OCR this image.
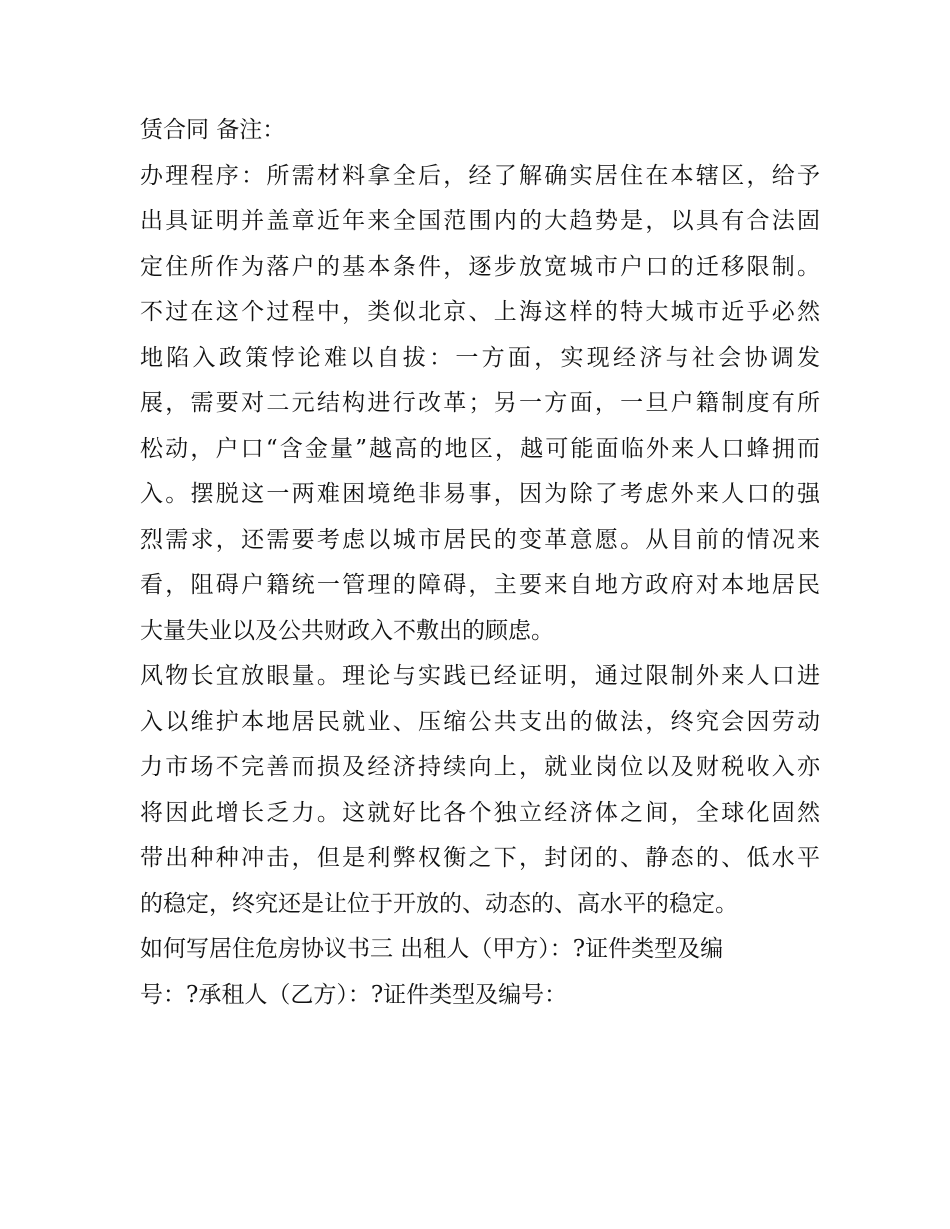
赁合同 备注：
办理程序：所需材料拿全后，经了解确实居住在本辖区，给予
出具证明并盖章近年来全国范围内的大趋势是，以具有合法固
定住所作为落户的基本条件，逐步放宽城市户口的迁移限制。
不过在这个过程中，类似北京、上海这样的特大城市近乎必然
地陷入政策悖论难以自拔：一方面，实现经济与社会协调发
展，需要对二元结构进行改革；另一方面，一旦户籍制度有所
松动，户口“含金量”越高的地区，越可能面临外来人口蜂拥而
入。摆脱这一两难困境绝非易事，因为除了考虑外来人口的强
烈需求，还需要考虑以城市居民的变革意愿。从目前的情况来
看，阻碍户籍统一管理的障碍，主要来自地方政府对本地居民
大量失业以及公共财政入不敷出的顾虑。
风物长宜放眼量。理论与实践已经证明，通过限制外来人口进
入以维护本地居民就业、压缩公共支出的做法，终究会因劳动
力市场不完善而损及经济持续向上，就业岗位以及财税收入亦
将因此增长乏力。这就好比各个独立经济体之间，全球化固然
带出种种冲击，但是利弊权衡之下，封闭的、静态的、低水平
的稳定，终究还是让位于开放的、动态的、高水平的稳定。
如何写居住危房协议书三 出租人（甲方）：?证件类型及编
号：?承租人（乙方）：?证件类型及编号：
